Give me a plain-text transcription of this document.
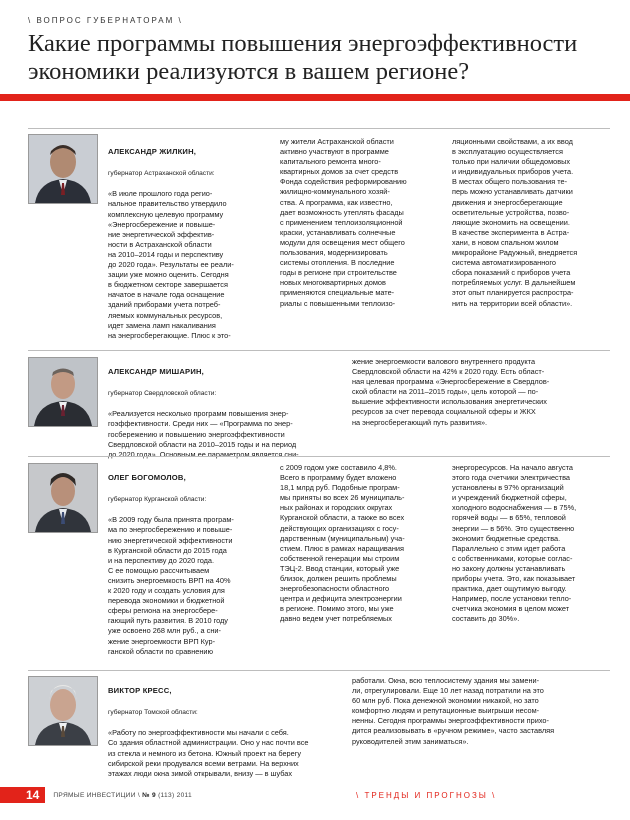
\ ВОПРОС ГУБЕРНАТОРАМ \
Какие программы повышения энергоэффективности экономики реализуются в вашем регионе?

АЛЕКСАНДР ЖИЛКИН,

губернатор Астраханской области:

«В июле прошлого года регио-
нальное правительство утвердило
комплексную целевую программу
«Энергосбережение и повыше-
ние энергетической эффектив-
ности в Астраханской области
на 2010–2014 годы и перспективу
до 2020 года». Результаты ее реали-
зации уже можно оценить. Сегодня
в бюджетном секторе завершается
начатое в начале года оснащение
зданий приборами учета потреб-
ляемых коммунальных ресурсов,
идет замена ламп накаливания
на энергосберегающие. Плюс к это-

му жители Астраханской области
активно участвуют в программе
капитального ремонта много-
квартирных домов за счет средств
Фонда содействия реформированию
жилищно-коммунального хозяй-
ства. А программа, как известно,
дает возможность утеплять фасады
с применением теплоизоляционной
краски, устанавливать солнечные
модули для освещения мест общего
пользования, модернизировать
системы отопления. В последние
годы в регионе при строительстве
новых многоквартирных домов
применяются специальные мате-
риалы с повышенными теплоизо-
ляционными свойствами, а их ввод
в эксплуатацию осуществляется
только при наличии общедомовых
и индивидуальных приборов учета.
В местах общего пользования те-
перь можно устанавливать датчики
движения и энергосберегающие
осветительные устройства, позво-
ляющие экономить на освещении.
В качестве эксперимента в Астра-
хани, в новом спальном жилом
микрорайоне Радужный, внедряется
система автоматизированного
сбора показаний с приборов учета
потребляемых услуг. В дальнейшем
этот опыт планируется распростра-
нить на территории всей области».

АЛЕКСАНДР МИШАРИН,

губернатор Свердловской области:

«Реализуется несколько программ повышения энер-
гоэффективности. Среди них — «Программа по энер-
госбережению и повышению энергоэффективности
Свердловской области на 2010–2015 годы и на период
до 2020 года». Основным ее параметром является сни-

жение энергоемкости валового внутреннего продукта
Свердловской области на 42% к 2020 году. Есть област-
ная целевая программа «Энергосбережение в Свердлов-
ской области на 2011–2015 годы», цель которой — по-
вышение эффективности использования энергетических
ресурсов за счет перевода социальной сферы и ЖКХ
на энергосберегающий путь развития».

ОЛЕГ БОГОМОЛОВ,

губернатор Курганской области:

«В 2009 году была принята програм-
ма по энергосбережению и повыше-
нию энергетической эффективности
в Курганской области до 2015 года
и на перспективу до 2020 года.
С ее помощью рассчитываем
снизить энергоемкость ВРП на 40%
к 2020 году и создать условия для
перевода экономики и бюджетной
сферы региона на энергосбере-
гающий путь развития. В 2010 году
уже освоено 268 млн руб., а сни-
жение энергоемкости ВРП Кур-
ганской области по сравнению

с 2009 годом уже составило 4,8%.
Всего в программу будет вложено
18,1 млрд руб. Подобные програм-
мы приняты во всех 26 муниципаль-
ных районах и городских округах
Курганской области, а также во всех
действующих организациях с госу-
дарственным (муниципальным) уча-
стием. Плюс в рамках наращивания
собственной генерации мы строим
ТЭЦ-2. Ввод станции, который уже
близок, должен решить проблемы
энергобезопасности областного
центра и дефицита электроэнергии
в регионе. Помимо этого, мы уже
давно ведем учет потребляемых
энергоресурсов. На начало августа
этого года счетчики электричества
установлены в 97% организаций
и учреждений бюджетной сферы,
холодного водоснабжения — в 75%,
горячей воды — в 65%, тепловой
энергии — в 56%. Это существенно
экономит бюджетные средства.
Параллельно с этим идет работа
с собственниками, которые соглас-
но закону должны устанавливать
приборы учета. Это, как показывает
практика, дает ощутимую выгоду.
Например, после установки тепло-
счетчика экономия в целом может
составить до 30%».

ВИКТОР КРЕСС,

губернатор Томской области:

«Работу по энергоэффективности мы начали с себя.
Со здания областной администрации. Оно у нас почти все
из стекла и немного из бетона. Южный проект на берегу
сибирской реки продувался всеми ветрами. На верхних
этажах люди окна зимой открывали, внизу — в шубах

работали. Окна, всю теплосистему здания мы замени-
ли, отрегулировали. Еще 10 лет назад потратили на это
60 млн руб. Пока денежной экономии никакой, но зато
комфортно людям и репутационные выигрыши несом-
ненны. Сегодня программы энергоэффективности прихо-
дится реализовывать в «ручном режиме», часто заставляя
руководителей этим заниматься».
14	ПРЯМЫЕ ИНВЕСТИЦИИ \ № 9 (113) 2011	\ ТРЕНДЫ И ПРОГНОЗЫ \
